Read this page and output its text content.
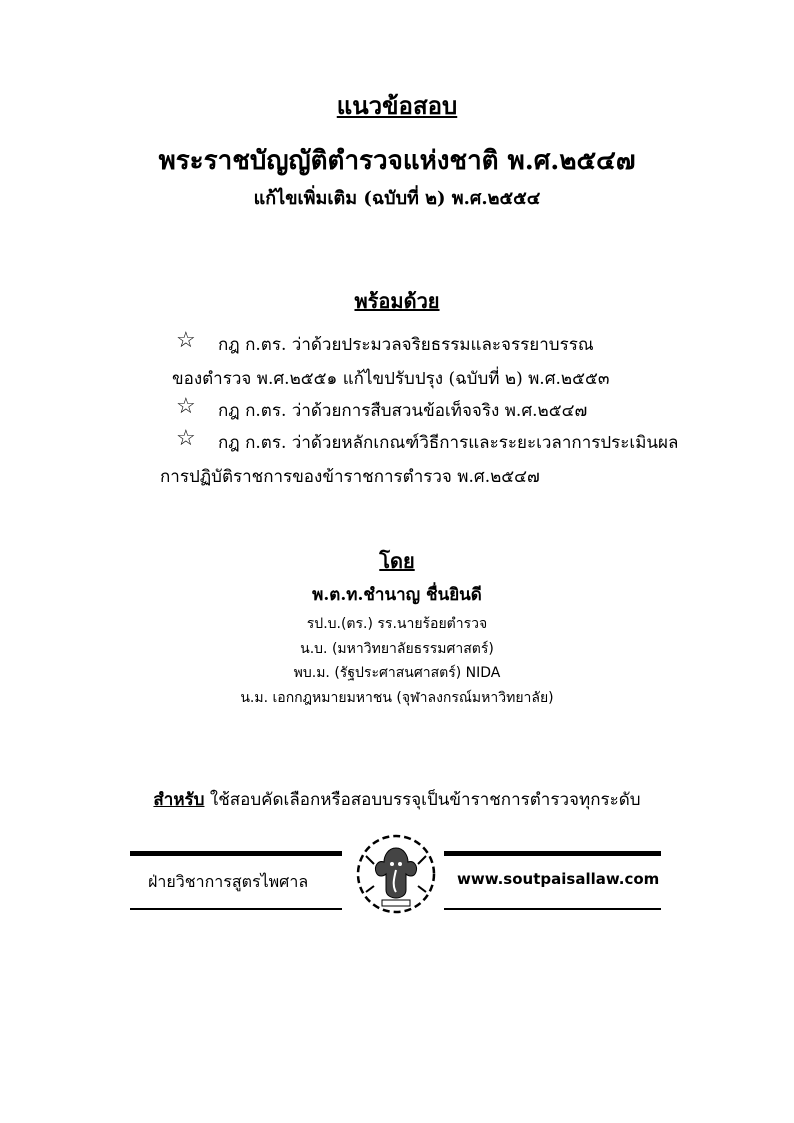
แนวข้อสอบ
พระราชบัญญัติตำรวจแห่งชาติ พ.ศ.๒๕๔๗
แก้ไขเพิ่มเติม (ฉบับที่ ๒) พ.ศ.๒๕๕๔
พร้อมด้วย
☆ กฎ ก.ตร. ว่าด้วยประมวลจริยธรรมและจรรยาบรรณ
ของตำรวจ พ.ศ.๒๕๕๑ แก้ไขปรับปรุง (ฉบับที่ ๒) พ.ศ.๒๕๕๓
☆ กฎ ก.ตร. ว่าด้วยการสืบสวนข้อเท็จจริง พ.ศ.๒๕๔๗
☆ กฎ ก.ตร. ว่าด้วยหลักเกณฑ์วิธีการและระยะเวลาการประเมินผล
การปฏิบัติราชการของข้าราชการตำรวจ พ.ศ.๒๕๔๗
โดย
พ.ต.ท.ชำนาญ ชื่นยินดี
รป.บ.(ตร.) รร.นายร้อยตำรวจ
น.บ. (มหาวิทยาลัยธรรมศาสตร์)
พบ.ม. (รัฐประศาสนศาสตร์) NIDA
น.ม. เอกกฎหมายมหาชน (จุฬาลงกรณ์มหาวิทยาลัย)
สำหรับ ใช้สอบคัดเลือกหรือสอบบรรจุเป็นข้าราชการตำรวจทุกระดับ
ฝ่ายวิชาการสูตรไพศาล	www.soutpaisallaw.com
